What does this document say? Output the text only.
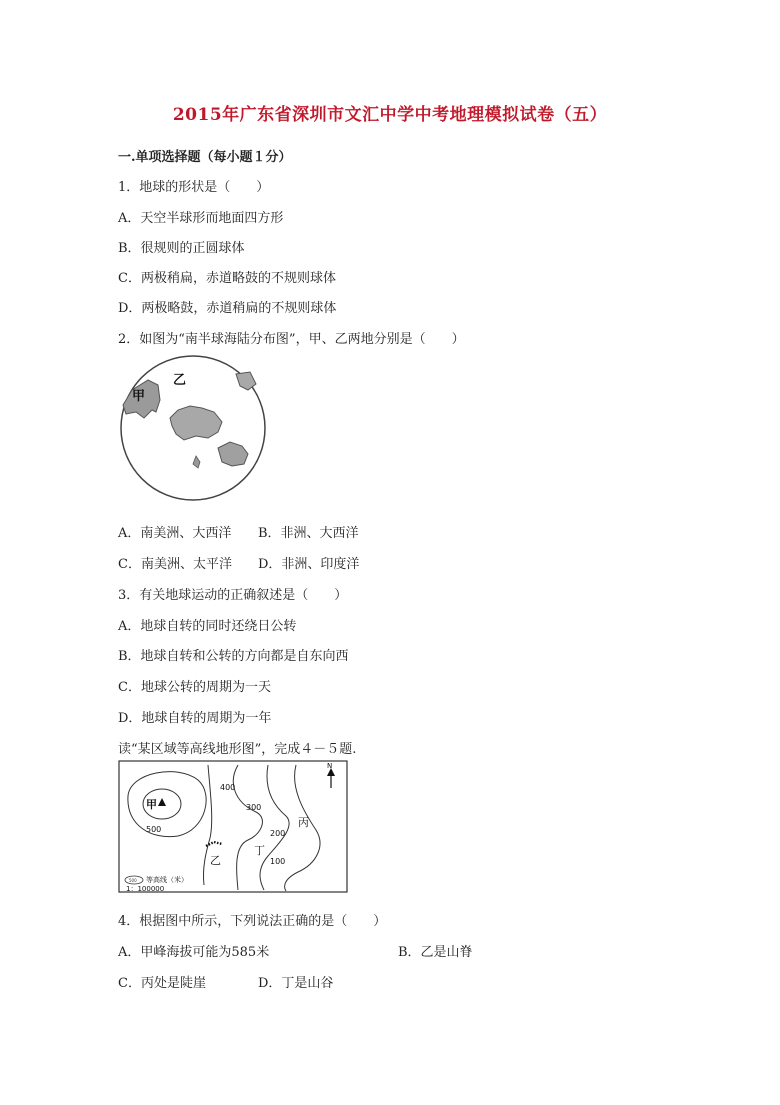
2015年广东省深圳市文汇中学中考地理模拟试卷（五）
一.单项选择题（每小题１分）
1．地球的形状是（　　）
A．天空半球形而地面四方形
B．很规则的正圆球体
C．两极稍扁，赤道略鼓的不规则球体
D．两极略鼓，赤道稍扁的不规则球体
2．如图为“南半球海陆分布图”，甲、乙两地分别是（　　）
甲
乙
A．南美洲、大西洋 B．非洲、大西洋
C．南美洲、太平洋 D．非洲、印度洋
3．有关地球运动的正确叙述是（　　）
A．地球自转的同时还绕日公转
B．地球自转和公转的方向都是自东向西
C．地球公转的周期为一天
D．地球自转的周期为一年
读“某区域等高线地形图”，完成４－５题.
N
甲
乙
丙
丁
400
300
200
100
500
500 等高线（米）
1：100000
4．根据图中所示，下列说法正确的是（　　）
A．甲峰海拔可能为585米	B．乙是山脊
C．丙处是陡崖	D．丁是山谷
